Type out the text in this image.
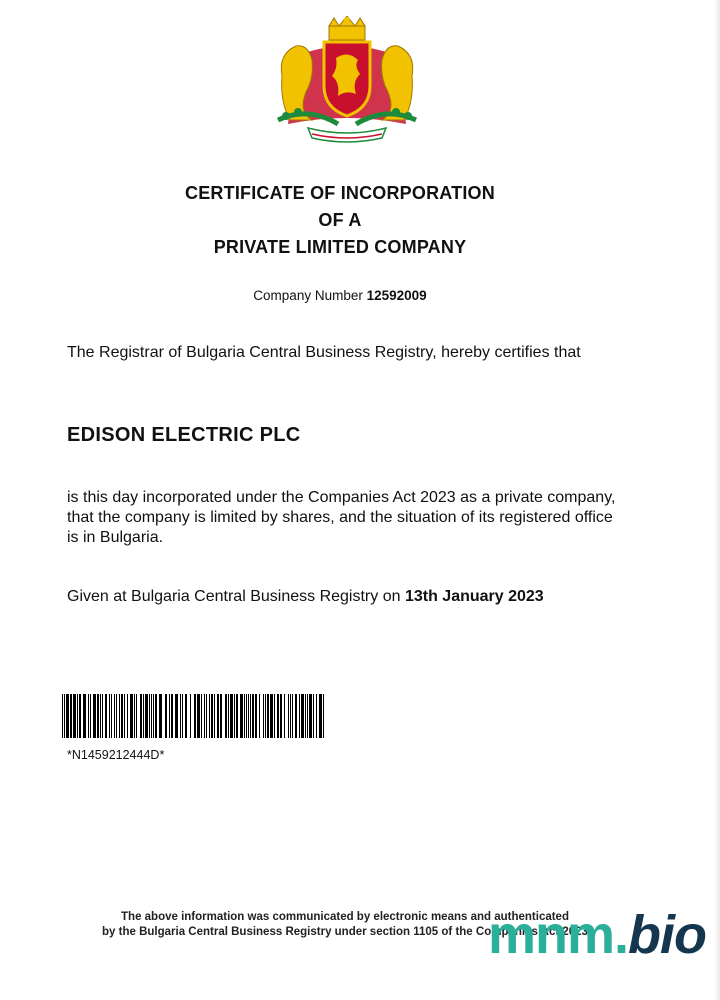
CERTIFICATE OF INCORPORATION
OF A
PRIVATE LIMITED COMPANY
Company Number 12592009
The Registrar of Bulgaria Central Business Registry, hereby certifies that
EDISON ELECTRIC PLC
is this day incorporated under the Companies Act 2023 as a private company, that the company is limited by shares, and the situation of its registered office is in Bulgaria.
Given at Bulgaria Central Business Registry on 13th January 2023
*N1459212444D*
The above information was communicated by electronic means and authenticated
by the Bulgaria Central Business Registry under section 1105 of the Companies Act 2023
mnm.bio
